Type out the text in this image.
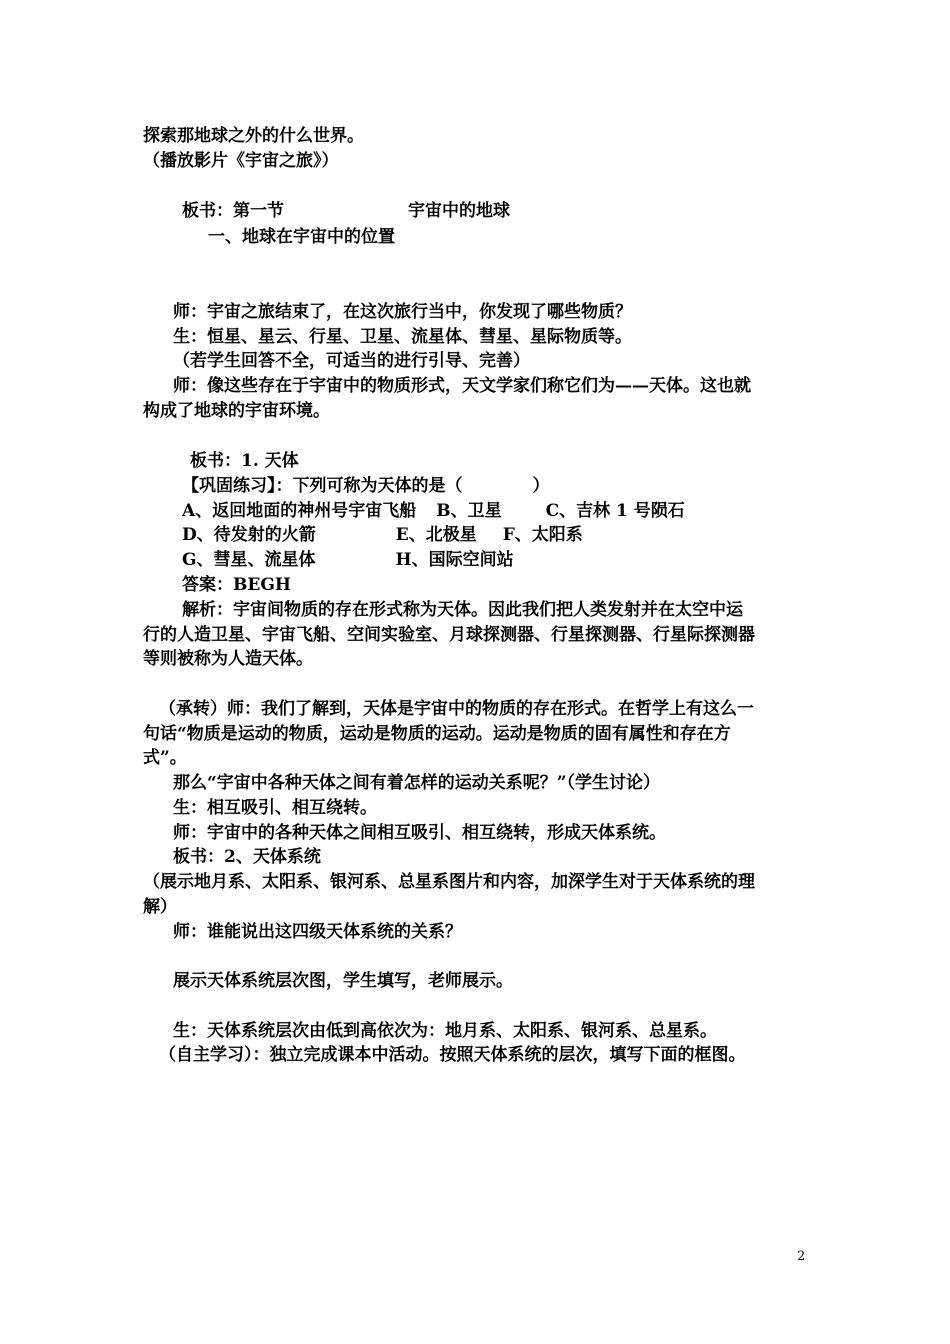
探索那地球之外的什么世界。
（播放影片《宇宙之旅》）
板书：第一节	宇宙中的地球
一、地球在宇宙中的位置
师：宇宙之旅结束了，在这次旅行当中，你发现了哪些物质？
生：恒星、星云、行星、卫星、流星体、彗星、星际物质等。
（若学生回答不全，可适当的进行引导、完善）
师：像这些存在于宇宙中的物质形式，天文学家们称它们为——天体。这也就
构成了地球的宇宙环境。
板书：1. 天体
【巩固练习】：下列可称为天体的是（	）
A、返回地面的神州号宇宙飞船 B、卫星	C、吉林 1 号陨石
D、待发射的火箭	E、北极星 F、太阳系
G、彗星、流星体	H、国际空间站
答案：BEGH
解析：宇宙间物质的存在形式称为天体。因此我们把人类发射并在太空中运
行的人造卫星、宇宙飞船、空间实验室、月球探测器、行星探测器、行星际探测器
等则被称为人造天体。
（承转）师：我们了解到，天体是宇宙中的物质的存在形式。在哲学上有这么一
句话“物质是运动的物质，运动是物质的运动。运动是物质的固有属性和存在方
式”。
那么“宇宙中各种天体之间有着怎样的运动关系呢？”（学生讨论）
生：相互吸引、相互绕转。
师：宇宙中的各种天体之间相互吸引、相互绕转，形成天体系统。
板书：2、天体系统
（展示地月系、太阳系、银河系、总星系图片和内容，加深学生对于天体系统的理
解）
师：谁能说出这四级天体系统的关系？
展示天体系统层次图，学生填写，老师展示。
生：天体系统层次由低到高依次为：地月系、太阳系、银河系、总星系。
（自主学习）：独立完成课本中活动。按照天体系统的层次，填写下面的框图。
2
